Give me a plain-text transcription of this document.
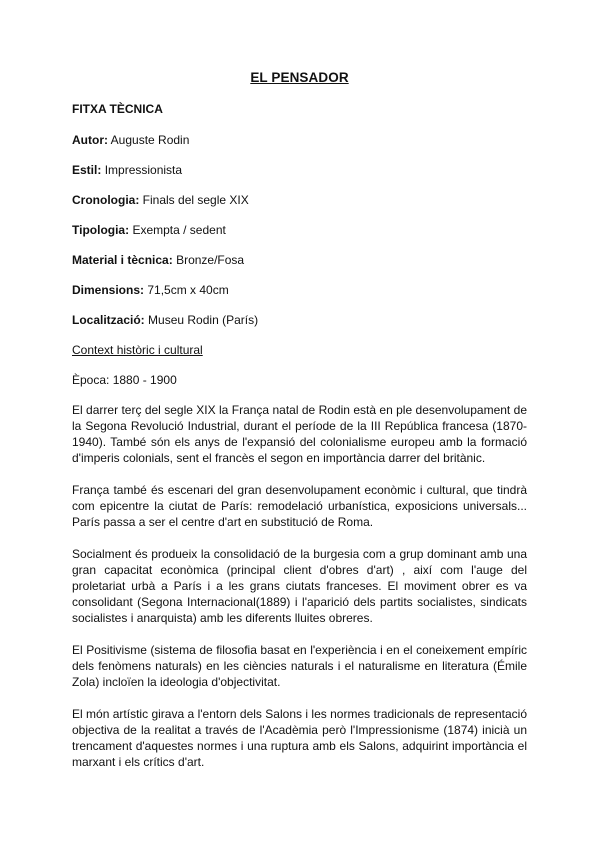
EL PENSADOR
FITXA TÈCNICA
Autor: Auguste Rodin
Estil: Impressionista
Cronologia: Finals del segle XIX
Tipologia: Exempta / sedent
Material i tècnica: Bronze/Fosa
Dimensions: 71,5cm x 40cm
Localització: Museu Rodin (París)
Context històric i cultural
Època: 1880 - 1900

El darrer terç del segle XIX la França natal de Rodin està en ple desenvolupament de la Segona Revolució Industrial, durant el període de la III República francesa (1870-1940). També són els anys de l'expansió del colonialisme europeu amb la formació d'imperis colonials, sent el francès el segon en importància darrer del britànic.

França també és escenari del gran desenvolupament econòmic i cultural, que tindrà com epicentre la ciutat de París: remodelació urbanística, exposicions universals... París passa a ser el centre d'art en substitució de Roma.

Socialment és produeix la consolidació de la burgesia com a grup dominant amb una gran capacitat econòmica (principal client d'obres d'art) , així com l'auge del proletariat urbà a París i a les grans ciutats franceses. El moviment obrer es va consolidant (Segona Internacional(1889) i l'aparició dels partits socialistes, sindicats socialistes i anarquista) amb les diferents lluites obreres.

El Positivisme (sistema de filosofia basat en l'experiència i en el coneixement empíric dels fenòmens naturals) en les ciències naturals i el naturalisme en literatura (Émile Zola) incloïen la ideologia d'objectivitat.

El món artístic girava a l'entorn dels Salons i les normes tradicionals de representació objectiva de la realitat a través de l'Acadèmia però l'Impressionisme (1874) inicià un trencament d'aquestes normes i una ruptura amb els Salons, adquirint importància el marxant i els crítics d'art.
